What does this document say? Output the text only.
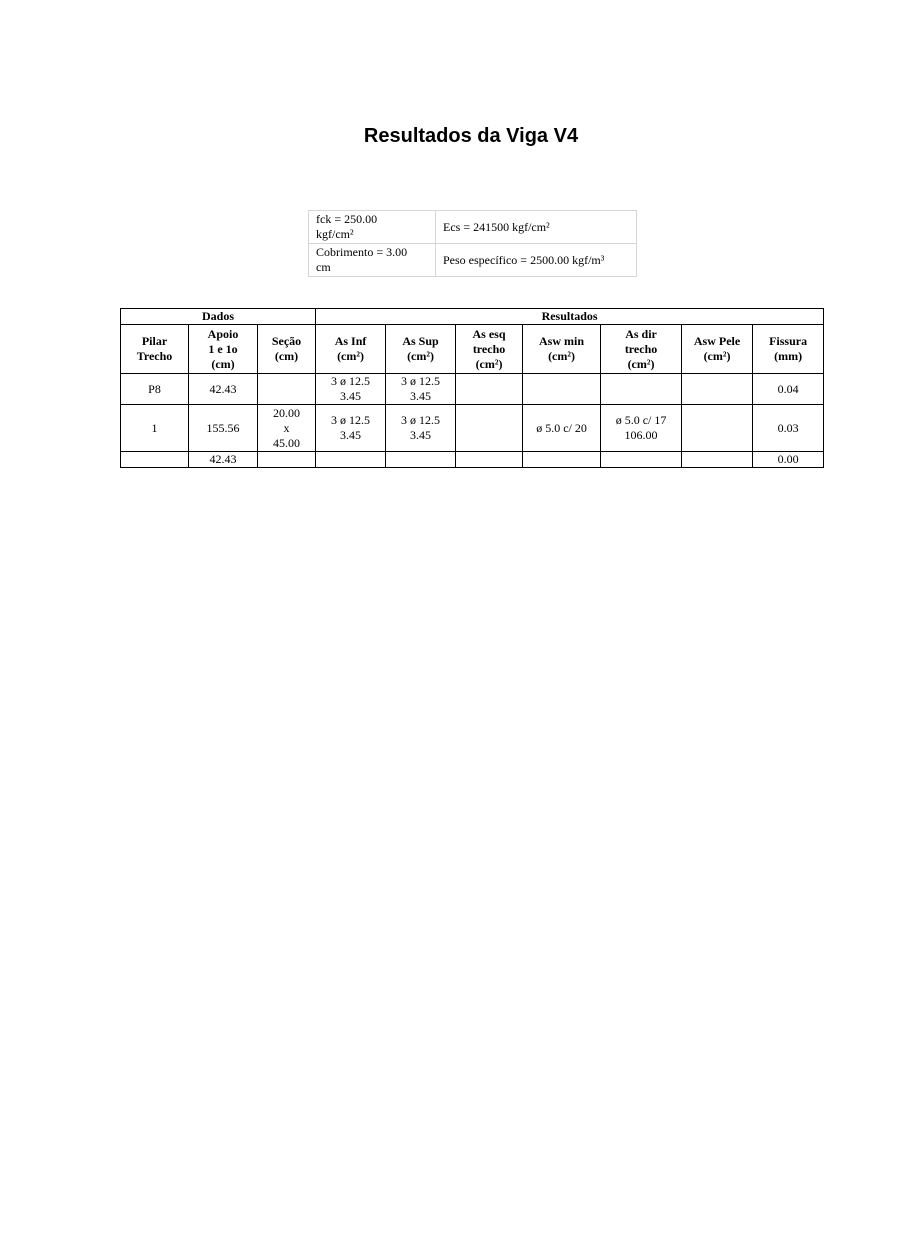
Resultados da Viga V4
fck = 250.00
kgf/cm²	Ecs = 241500 kgf/cm²

Cobrimento = 3.00
cm	Peso específico = 2500.00 kgf/m³
Dados			Resultados						

Pilar
Trecho	Apoio
1 e 1o
(cm)	Seção
(cm)	As Inf
(cm²)	As Sup
(cm²)	As esq
trecho
(cm²)	Asw min
(cm²)	As dir
trecho
(cm²)	Asw Pele
(cm²)	Fissura
(mm)

P8	42.43		3 ø 12.5
3.45	3 ø 12.5
3.45					0.04
1	155.56	20.00
x
45.00	3 ø 12.5
3.45	3 ø 12.5
3.45		ø 5.0 c/ 20	ø 5.0 c/ 17
106.00		0.03
	42.43								0.00
